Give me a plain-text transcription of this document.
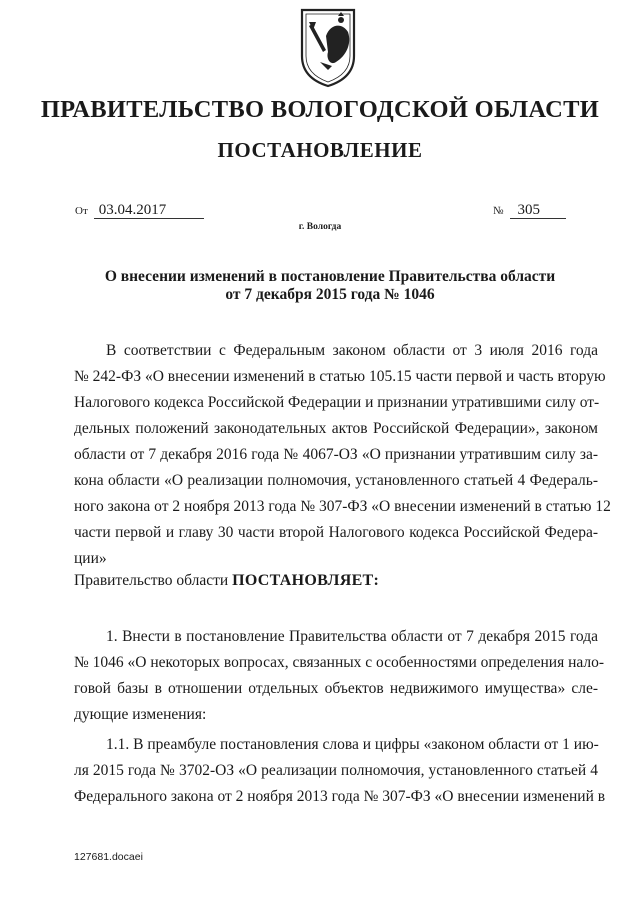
ПРАВИТЕЛЬСТВО ВОЛОГОДСКОЙ ОБЛАСТИ
ПОСТАНОВЛЕНИЕ
От 03.04.2017	№ 305
г. Вологда
О внесении изменений в постановление Правительства области
от 7 декабря 2015 года № 1046
В соответствии с Федеральным законом области от 3 июля 2016 года
№ 242-ФЗ «О внесении изменений в статью 105.15 части первой и часть вторую
Налогового кодекса Российской Федерации и признании утратившими силу от-
дельных положений законодательных актов Российской Федерации», законом
области от 7 декабря 2016 года № 4067-ОЗ «О признании утратившим силу за-
кона области «О реализации полномочия, установленного статьей 4 Федераль-
ного закона от 2 ноября 2013 года № 307-ФЗ «О внесении изменений в статью 12
части первой и главу 30 части второй Налогового кодекса Российской Федера-
ции»
Правительство области ПОСТАНОВЛЯЕТ:
1. Внести в постановление Правительства области от 7 декабря 2015 года
№ 1046 «О некоторых вопросах, связанных с особенностями определения нало-
говой базы в отношении отдельных объектов недвижимого имущества» сле-
дующие изменения:
1.1. В преамбуле постановления слова и цифры «законом области от 1 ию-
ля 2015 года № 3702-ОЗ «О реализации полномочия, установленного статьей 4
Федерального закона от 2 ноября 2013 года № 307-ФЗ «О внесении изменений в
127681.docaei
